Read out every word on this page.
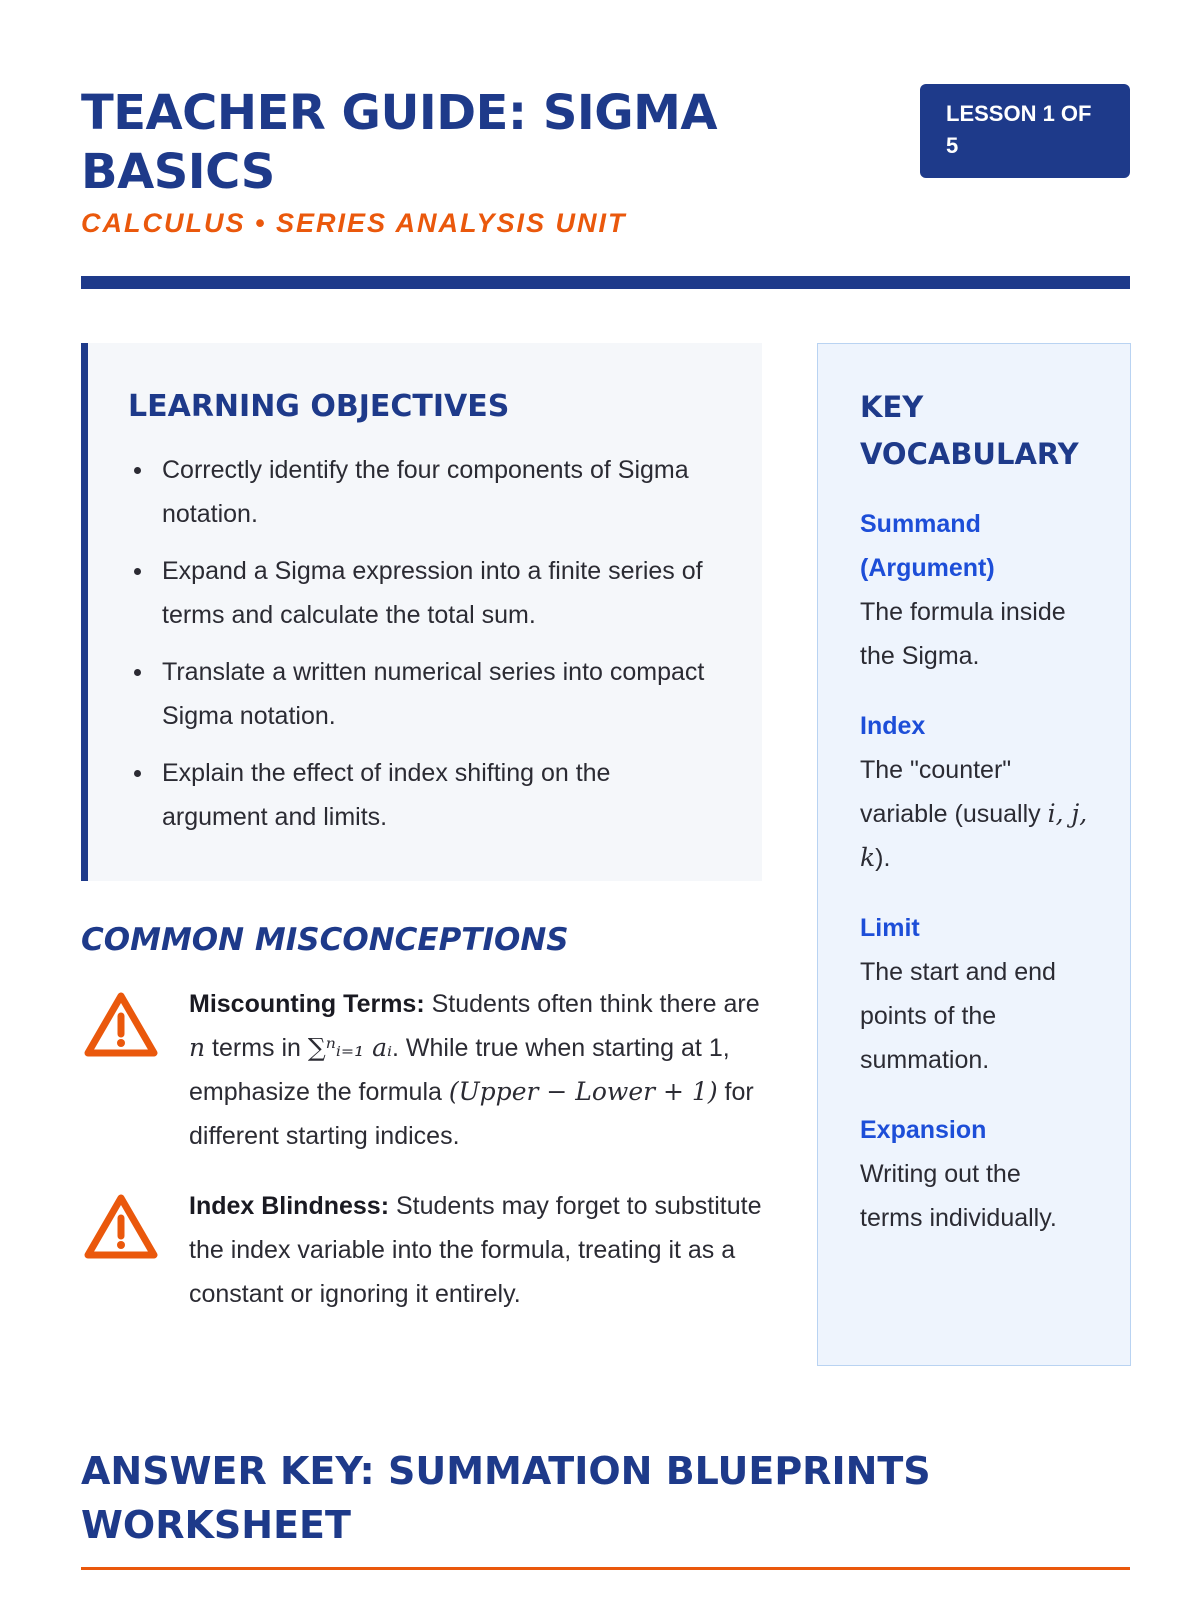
TEACHER GUIDE: SIGMA BASICS
CALCULUS • SERIES ANALYSIS UNIT
LESSON 1 OF 5
LEARNING OBJECTIVES
Correctly identify the four components of Sigma notation.
Expand a Sigma expression into a finite series of terms and calculate the total sum.
Translate a written numerical series into compact Sigma notation.
Explain the effect of index shifting on the argument and limits.
COMMON MISCONCEPTIONS

Miscounting Terms: Students often think there are n terms in ∑ⁿᵢ₌₁ aᵢ. While true when starting at 1, emphasize the formula (Upper − Lower + 1) for different starting indices.

Index Blindness: Students may forget to substitute the index variable into the formula, treating it as a constant or ignoring it entirely.

KEY VOCABULARY
Summand (Argument)
The formula inside the Sigma.
Index
The "counter" variable (usually i, j, k).
Limit
The start and end points of the summation.
Expansion
Writing out the terms individually.
ANSWER KEY: SUMMATION BLUEPRINTS WORKSHEET
